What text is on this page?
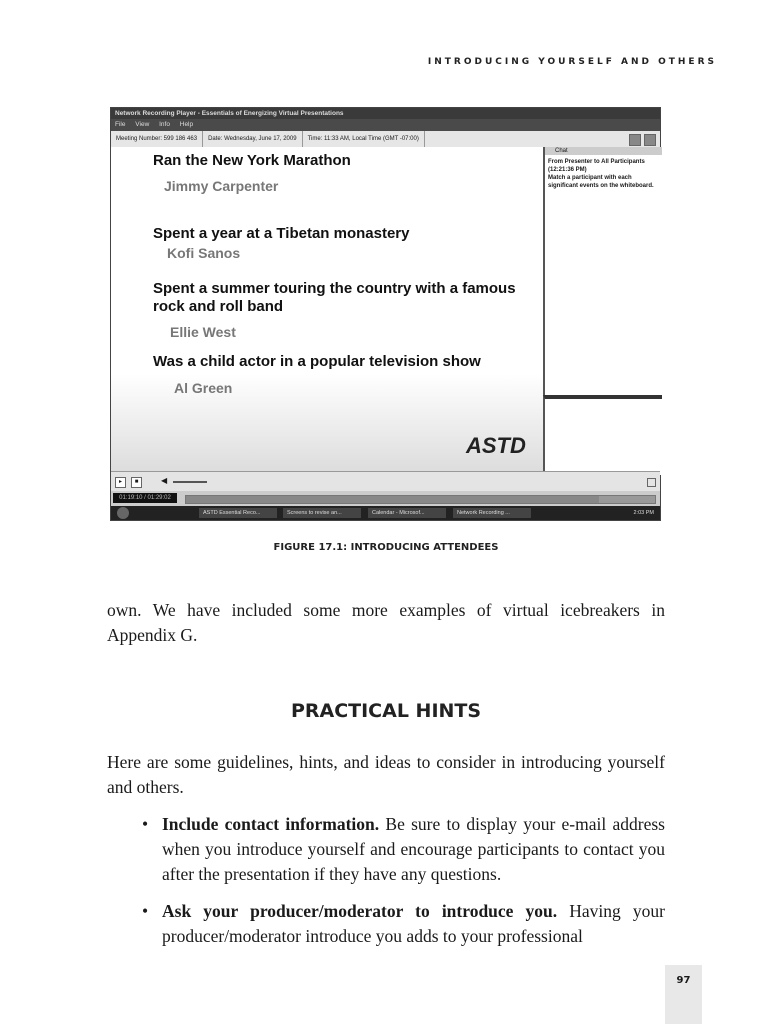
INTRODUCING YOURSELF AND OTHERS
Network Recording Player - Essentials of Energizing Virtual Presentations
File View Info Help
Meeting Number: 599 186 463	Date: Wednesday, June 17, 2009	Time: 11:33 AM, Local Time (GMT -07:00)
Ran the New York Marathon
Jimmy Carpenter
Spent a year at a Tibetan monastery
Kofi Sanos
Spent a summer touring the country with a famous rock and roll band
Ellie West
Was a child actor in a popular television show
Al Green
ASTD
Chat
From Presenter to All Participants
(12:21:36 PM)
Match a participant with each significant events on the whiteboard.
▸	■	◀
01:19:10 / 01:29:02
ASTD Essential Reco...	Screens to revise an...	Calendar - Microsof...	Network Recording ...	2:03 PM
FIGURE 17.1: INTRODUCING ATTENDEES

own. We have included some more examples of virtual icebreakers in Appendix G.

PRACTICAL HINTS

Here are some guidelines, hints, and ideas to consider in introducing yourself and others.

• Include contact information. Be sure to display your e-mail address when you introduce yourself and encourage participants to contact you after the presentation if they have any questions.
• Ask your producer/moderator to introduce you. Having your producer/moderator introduce you adds to your professional
97
